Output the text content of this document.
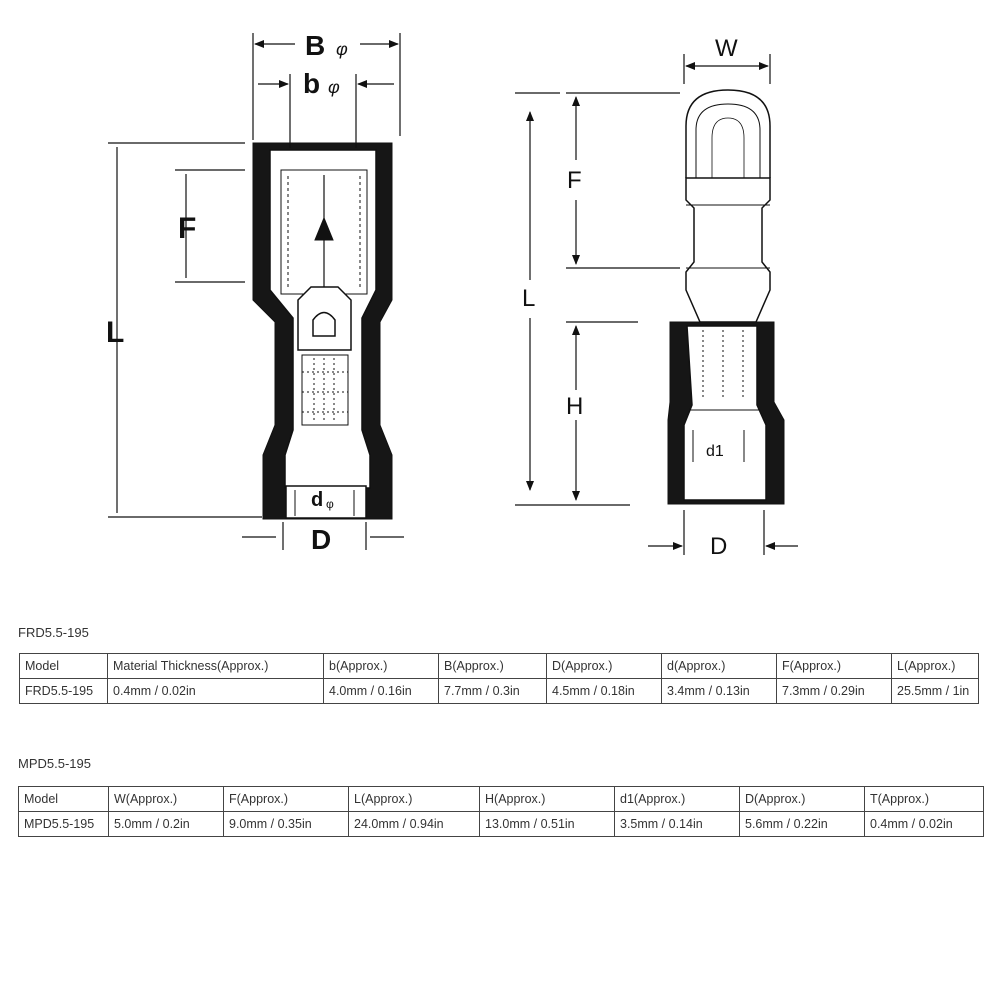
B φ
b φ
F
L
D
d φ
W
F
L
H
d1
D
FRD5.5-195
Model	Material Thickness(Approx.)	b(Approx.)	B(Approx.)	D(Approx.)	d(Approx.)	F(Approx.)	L(Approx.)
FRD5.5-195	0.4mm / 0.02in	4.0mm / 0.16in	7.7mm / 0.3in	4.5mm / 0.18in	3.4mm / 0.13in	7.3mm / 0.29in	25.5mm / 1in
MPD5.5-195
Model	W(Approx.)	F(Approx.)	L(Approx.)	H(Approx.)	d1(Approx.)	D(Approx.)	T(Approx.)
MPD5.5-195	5.0mm / 0.2in	9.0mm / 0.35in	24.0mm / 0.94in	13.0mm / 0.51in	3.5mm / 0.14in	5.6mm / 0.22in	0.4mm / 0.02in
